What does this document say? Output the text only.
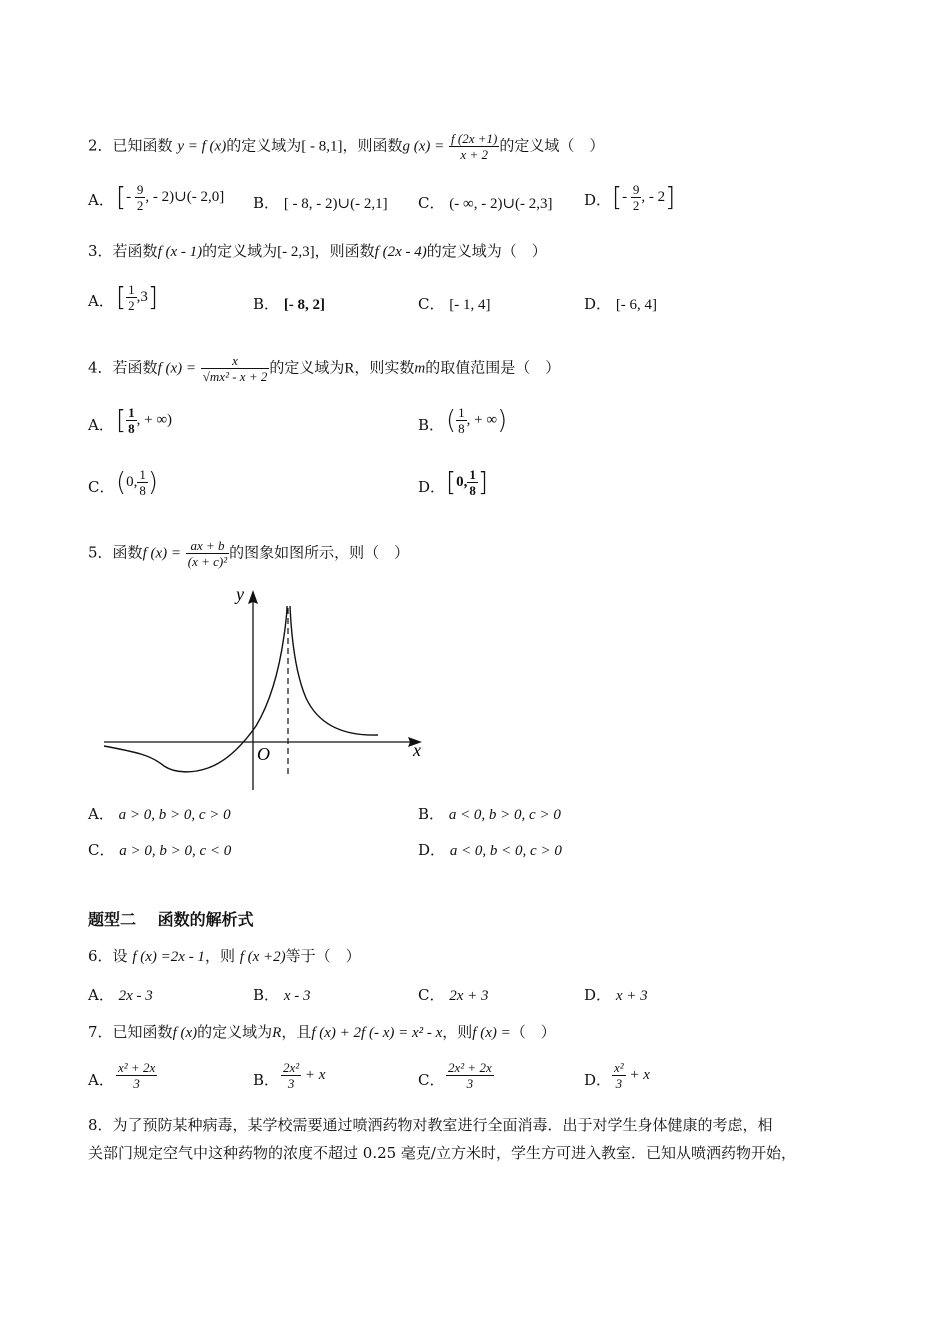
2．已知函数 y = f (x)的定义域为[ - 8,1]，则函数g $(x) = \frac{f (2x +1)}{x + 2}$ 的定义域（　）
A． [- $\frac{9}{2}$ , - 2)∪(- 2,0] B． [ - 8, - 2)∪(- 2,1] C． (- ∞, - 2)∪(- 2,3] D． [- $\frac{9}{2}$ , - 2]
3．若函数f (x - 1)的定义域为[- 2,3]，则函数f (2x - 4)的定义域为（　）
A． [ $\frac{1}{2} ,3$]	B． [- 8, 2]	C． [- 1, 4]	D． [- 6, 4]
4．若函数f $(x) = \frac{x}{\text{√mx² - x + 2}}$ 的定义域为R，则实数m的取值范围是（　）
A． [ $\frac{1}{8}$ , + ∞)	B． ( $\frac{1}{8}$ , + ∞)
C． (0, $\frac{1}{8}$ )	D． [0, $\frac{1}{8}$ ]
5．函数f $(x) = \frac{ax + b}{\text{(x + c)²}}$ 的图象如图所示，则（　）
y
x
O
A． a > 0, b > 0, c > 0	B． a < 0, b > 0, c > 0
C． a > 0, b > 0, c < 0	D． a < 0, b < 0, c > 0
题型二　 函数的解析式
6．设 f (x) =2x - 1，则 f (x +2)等于（　）
A． 2x - 3	B． x - 3	C． 2x + 3	D． x + 3
7．已知函数f (x)的定义域为R，且f (x) + 2f (- x) = x² - x，则f (x) =（　）
A． $\frac{\text{x² + 2x}}{3}$	B． $\frac{\text{2x²}}{3} + x$	C． $\frac{\text{2x² + 2x}}{3}$	D． $\frac{\text{x²}}{3} + x$
8．为了预防某种病毒，某学校需要通过喷洒药物对教室进行全面消毒．出于对学生身体健康的考虑，相
关部门规定空气中这种药物的浓度不超过 0.25 毫克/立方米时，学生方可进入教室．已知从喷洒药物开始，
